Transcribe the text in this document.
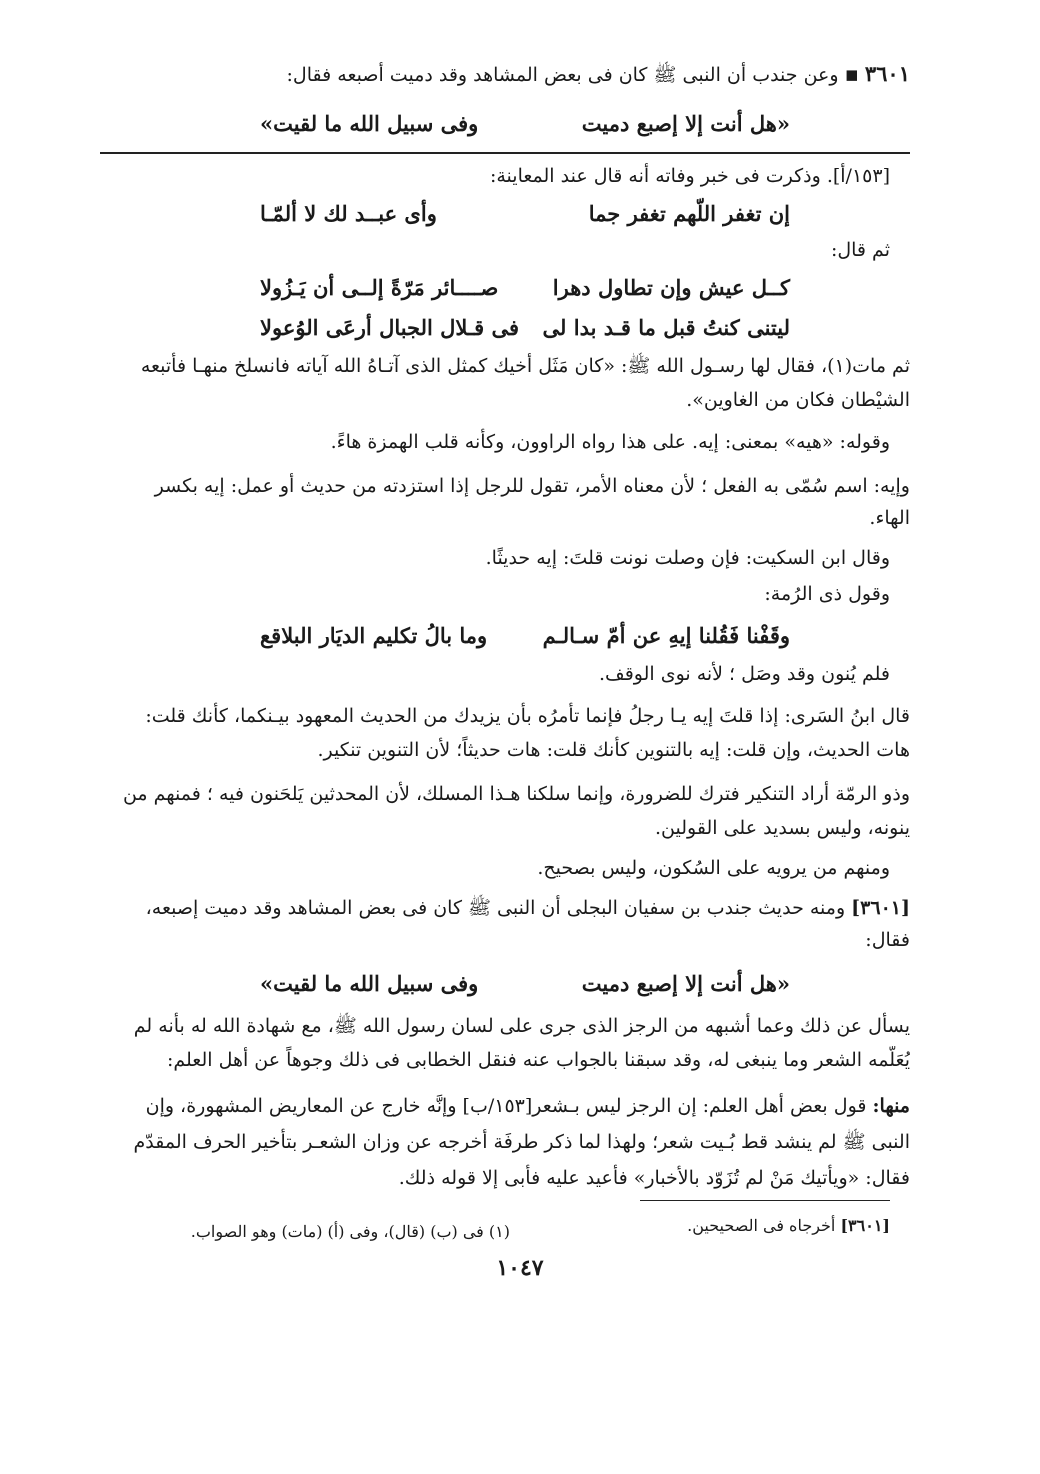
٣٦٠١ ▪ وعن جندب أن النبى ﷺ كان فى بعض المشاهد وقد دميت أصبعه فقال:
«هل أنت إلا إصبع دميت
وفى سبيل الله ما لقيت»
[١٥٣/أ]. وذكرت فى خبر وفاته أنه قال عند المعاينة:
إن تغفر اللّهم تغفر جما
وأى عبــد لك لا ألمّـا
ثم قال:
كــل عيش وإن تطاول دهرا
صــــائر مَرّةً إلــى أن يَـزُولا
ليتنى كنتُ قبل ما قـد بدا لى
فى قـلال الجبال أرعَى الوُعولا
ثم مات(١)، فقال لها رسـول الله ﷺ: «كان مَثَل أخيك كمثل الذى آتـاهُ الله آياته فانسلخ منهـا فأتبعه
الشيْطان فكان من الغاوين».
وقوله: «هيه» بمعنى: إيه. على هذا رواه الراوون، وكأنه قلب الهمزة هاءً.
وإيه: اسم سُمّى به الفعل ؛ لأن معناه الأمر، تقول للرجل إذا استزدته من حديث أو عمل: إيه بكسر
الهاء.
وقال ابن السكيت: فإن وصلت نونت قلتَ: إيه حديثًا.
وقول ذى الرُمة:
وقَفْنا فَقُلنا إيهِ عن أمّ سـالـم
وما بالُ تكليم الديَار البلاقع
فلم يُنون وقد وصَل ؛ لأنه نوى الوقف.
قال ابنُ السَرى: إذا قلتَ إيه يـا رجلُ فإنما تأمرُه بأن يزيدك من الحديث المعهود بيـنكما، كأنك قلت:
هات الحديث، وإن قلت: إيه بالتنوين كأنك قلت: هات حديثاً؛ لأن التنوين تنكير.
وذو الرمّة أراد التنكير فترك للضرورة، وإنما سلكنا هـذا المسلك، لأن المحدثين يَلحَنون فيه ؛ فمنهم من
ينونه، وليس بسديد على القولين.
ومنهم من يرويه على السُكون، وليس بصحيح.
[٣٦٠١] ومنه حديث جندب بن سفيان البجلى أن النبى ﷺ كان فى بعض المشاهد وقد دميت إصبعه،
فقال:
«هل أنت إلا إصبع دميت
وفى سبيل الله ما لقيت»
يسأل عن ذلك وعما أشبهه من الرجز الذى جرى على لسان رسول الله ﷺ، مع شهادة الله له بأنه لم
يُعَلّمه الشعر وما ينبغى له، وقد سبقنا بالجواب عنه فنقل الخطابى فى ذلك وجوهاً عن أهل العلم:
منها: قول بعض أهل العلم: إن الرجز ليس بـشعر[١٥٣/ب] وإنَّه خارج عن المعاريض المشهورة، وإن
النبى ﷺ لم ينشد قط بُـيت شعر؛ ولهذا لما ذكر طرفَة أخرجه عن وزان الشعـر بتأخير الحرف المقدّم
فقال: «ويأتيك مَنْ لم تُزَوّد بالأخبار» فأعيد عليه فأبى إلا قوله ذلك.
[٣٦٠١] أخرجاه فى الصحيحين.
(١) فى (ب) (قال)، وفى (أ) (مات) وهو الصواب.
١٠٤٧
